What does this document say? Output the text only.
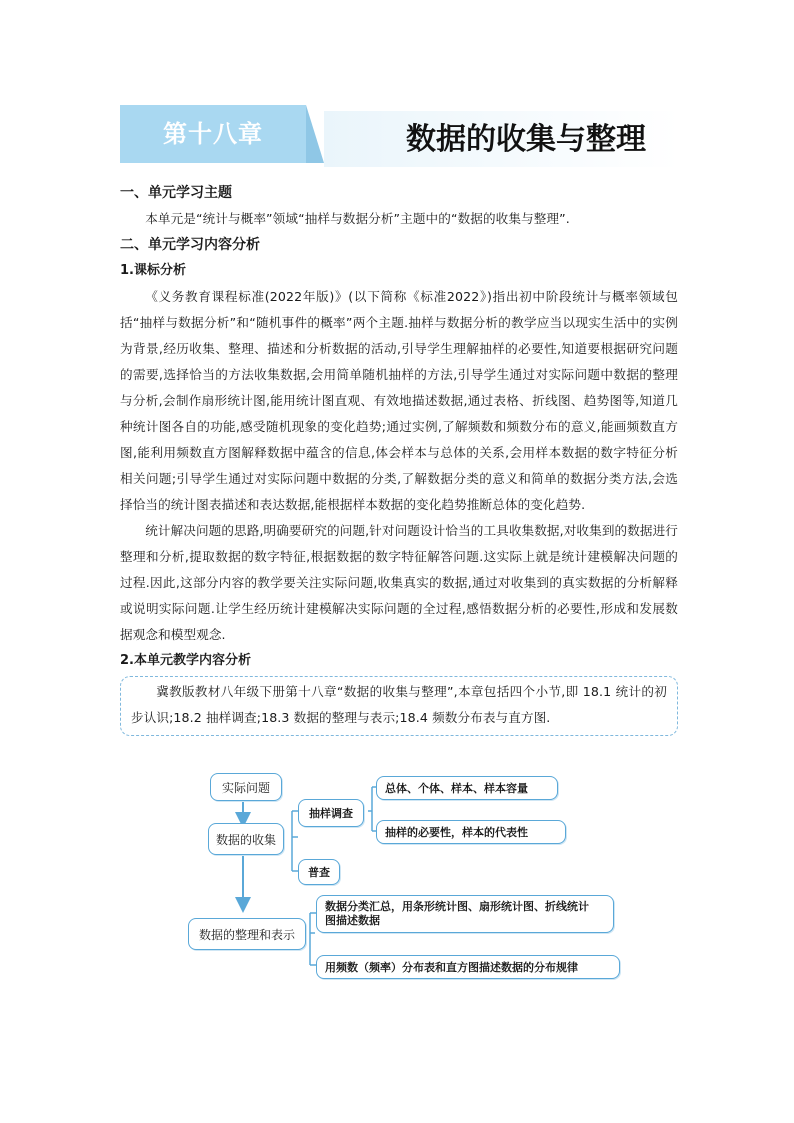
第十八章	数据的收集与整理
一、单元学习主题

本单元是“统计与概率”领域“抽样与数据分析”主题中的“数据的收集与整理”.

二、单元学习内容分析
1.课标分析

《义务教育课程标准(2022年版)》(以下简称《标准2022》)指出初中阶段统计与概率领域包括“抽样与数据分析”和“随机事件的概率”两个主题.抽样与数据分析的教学应当以现实生活中的实例为背景,经历收集、整理、描述和分析数据的活动,引导学生理解抽样的必要性,知道要根据研究问题的需要,选择恰当的方法收集数据,会用简单随机抽样的方法,引导学生通过对实际问题中数据的整理与分析,会制作扇形统计图,能用统计图直观、有效地描述数据,通过表格、折线图、趋势图等,知道几种统计图各自的功能,感受随机现象的变化趋势;通过实例,了解频数和频数分布的意义,能画频数直方图,能利用频数直方图解释数据中蕴含的信息,体会样本与总体的关系,会用样本数据的数字特征分析相关问题;引导学生通过对实际问题中数据的分类,了解数据分类的意义和简单的数据分类方法,会选择恰当的统计图表描述和表达数据,能根据样本数据的变化趋势推断总体的变化趋势.

统计解决问题的思路,明确要研究的问题,针对问题设计恰当的工具收集数据,对收集到的数据进行整理和分析,提取数据的数字特征,根据数据的数字特征解答问题.这实际上就是统计建模解决问题的过程.因此,这部分内容的教学要关注实际问题,收集真实的数据,通过对收集到的真实数据的分析解释或说明实际问题.让学生经历统计建模解决实际问题的全过程,感悟数据分析的必要性,形成和发展数据观念和模型观念.

2.本单元教学内容分析

冀教版教材八年级下册第十八章“数据的收集与整理”,本章包括四个小节,即 18.1 统计的初步认识;18.2 抽样调查;18.3 数据的整理与表示;18.4 频数分布表与直方图.

实际问题
数据的收集
抽样调查
普查
总体、个体、样本、样本容量
抽样的必要性，样本的代表性
数据的整理和表示
数据分类汇总，用条形统计图、扇形统计图、折线统计图描述数据
用频数（频率）分布表和直方图描述数据的分布规律
